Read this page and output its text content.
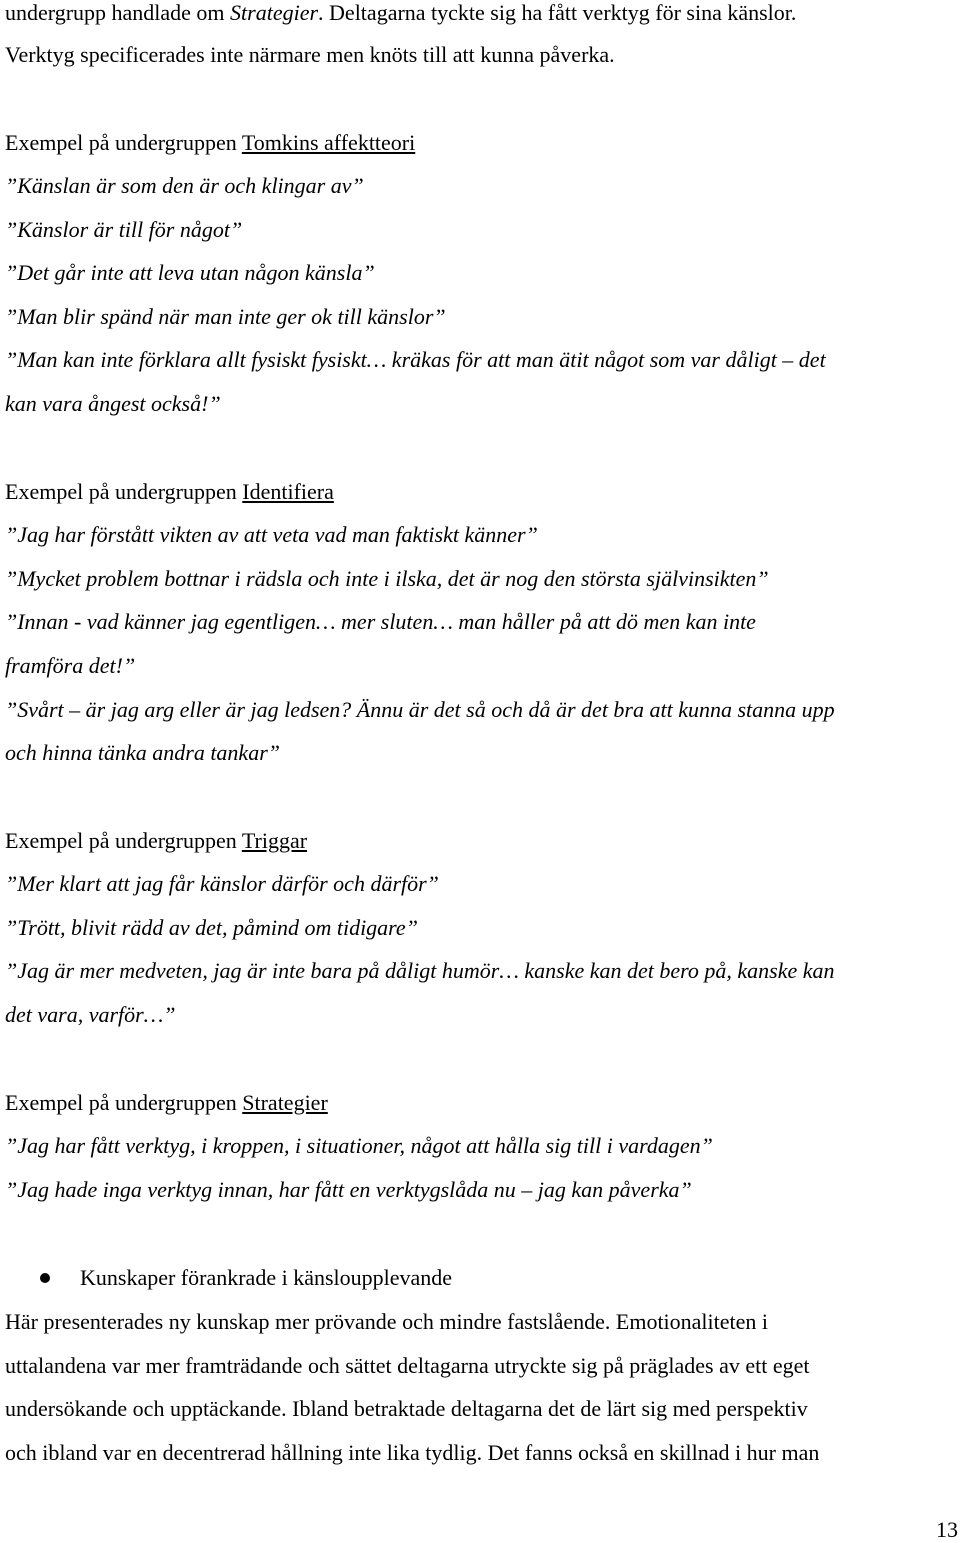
undergrupp handlade om Strategier. Deltagarna tyckte sig ha fått verktyg för sina känslor.
Verktyg specificerades inte närmare men knöts till att kunna påverka.
Exempel på undergruppen Tomkins affektteori
”Känslan är som den är och klingar av”
”Känslor är till för något”
”Det går inte att leva utan någon känsla”
”Man blir spänd när man inte ger ok till känslor”
”Man kan inte förklara allt fysiskt fysiskt… kräkas för att man ätit något som var dåligt – det
kan vara ångest också!”
Exempel på undergruppen Identifiera
”Jag har förstått vikten av att veta vad man faktiskt känner”
”Mycket problem bottnar i rädsla och inte i ilska, det är nog den största självinsikten”
”Innan - vad känner jag egentligen… mer sluten… man håller på att dö men kan inte
framföra det!”
”Svårt – är jag arg eller är jag ledsen? Ännu är det så och då är det bra att kunna stanna upp
och hinna tänka andra tankar”
Exempel på undergruppen Triggar
”Mer klart att jag får känslor därför och därför”
”Trött, blivit rädd av det, påmind om tidigare”
”Jag är mer medveten, jag är inte bara på dåligt humör… kanske kan det bero på, kanske kan
det vara, varför…”
Exempel på undergruppen Strategier
”Jag har fått verktyg, i kroppen, i situationer, något att hålla sig till i vardagen”
”Jag hade inga verktyg innan, har fått en verktygslåda nu – jag kan påverka”
Kunskaper förankrade i känsloupplevande
Här presenterades ny kunskap mer prövande och mindre fastslående. Emotionaliteten i
uttalandena var mer framträdande och sättet deltagarna utryckte sig på präglades av ett eget
undersökande och upptäckande. Ibland betraktade deltagarna det de lärt sig med perspektiv
och ibland var en decentrerad hållning inte lika tydlig. Det fanns också en skillnad i hur man
13
